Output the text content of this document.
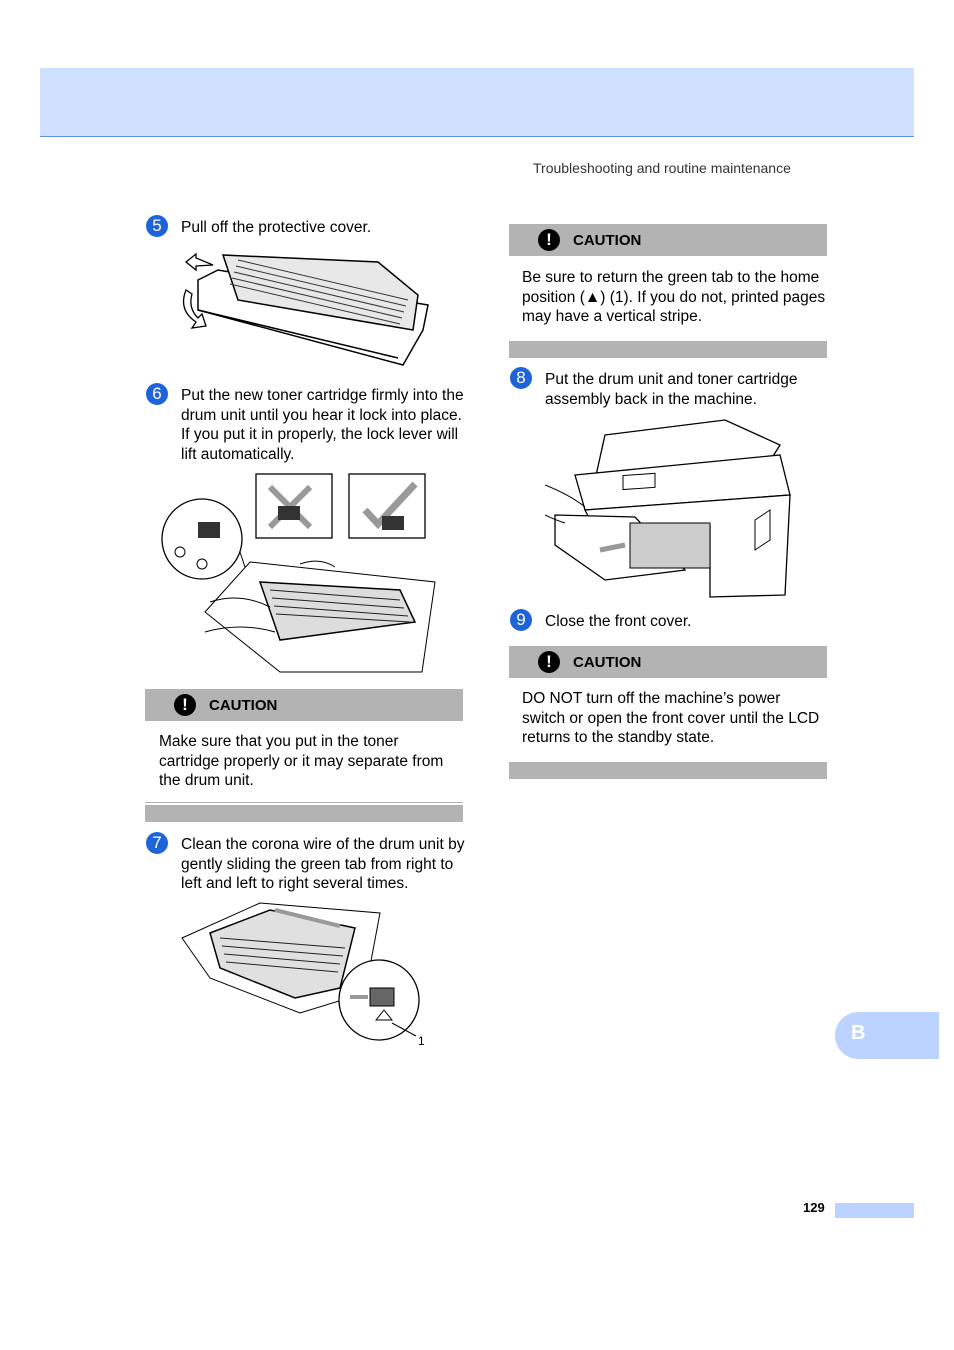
Troubleshooting and routine maintenance
5	Pull off the protective cover.
6	Put the new toner cartridge firmly into the drum unit until you hear it lock into place. If you put it in properly, the lock lever will lift automatically.
!	CAUTION
Make sure that you put in the toner cartridge properly or it may separate from the drum unit.
7	Clean the corona wire of the drum unit by gently sliding the green tab from right to left and left to right several times.
1
!	CAUTION
Be sure to return the green tab to the home position (▲) (1). If you do not, printed pages may have a vertical stripe.
8	Put the drum unit and toner cartridge assembly back in the machine.
9	Close the front cover.
!	CAUTION
DO NOT turn off the machine’s power switch or open the front cover until the LCD returns to the standby state.
B
129
